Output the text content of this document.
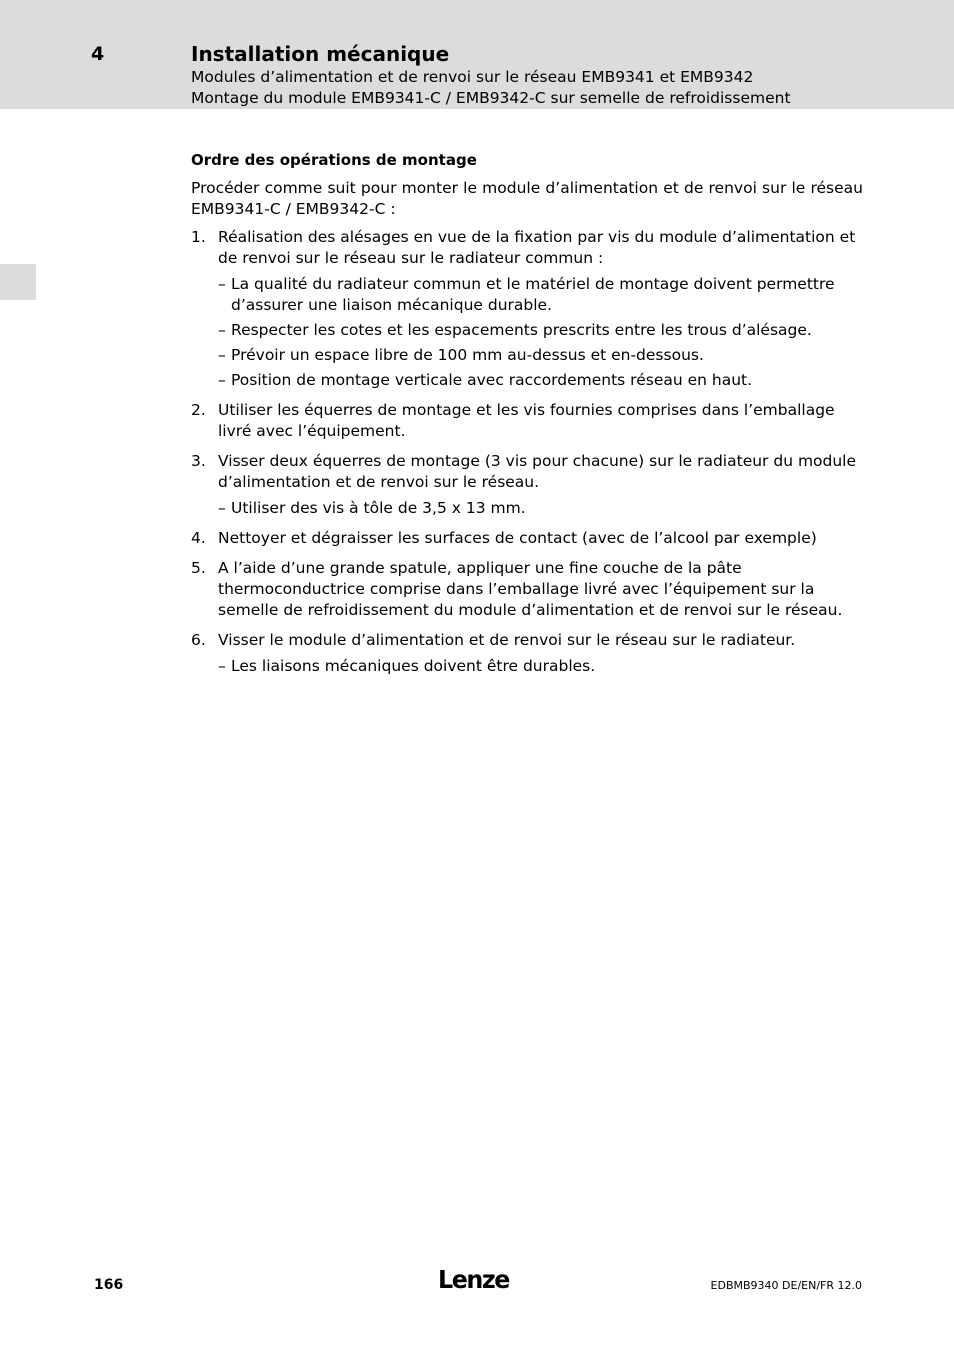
4	Installation mécanique
Modules d’alimentation et de renvoi sur le réseau EMB9341 et EMB9342
Montage du module EMB9341-C / EMB9342-C sur semelle de refroidissement
Ordre des opérations de montage

Procéder comme suit pour monter le module d’alimentation et de renvoi sur le réseau EMB9341-C / EMB9342-C :

1. Réalisation des alésages en vue de la fixation par vis du module d’alimentation et de renvoi sur le réseau sur le radiateur commun :
– La qualité du radiateur commun et le matériel de montage doivent permettre d’assurer une liaison mécanique durable.
– Respecter les cotes et les espacements prescrits entre les trous d’alésage.
– Prévoir un espace libre de 100 mm au-dessus et en-dessous.
– Position de montage verticale avec raccordements réseau en haut.
2. Utiliser les équerres de montage et les vis fournies comprises dans l’emballage livré avec l’équipement.
3. Visser deux équerres de montage (3 vis pour chacune) sur le radiateur du module d’alimentation et de renvoi sur le réseau.
– Utiliser des vis à tôle de 3,5 x 13 mm.
4. Nettoyer et dégraisser les surfaces de contact (avec de l’alcool par exemple)
5. A l’aide d’une grande spatule, appliquer une fine couche de la pâte thermoconductrice comprise dans l’emballage livré avec l’équipement sur la semelle de refroidissement du module d’alimentation et de renvoi sur le réseau.
6. Visser le module d’alimentation et de renvoi sur le réseau sur le radiateur.
– Les liaisons mécaniques doivent être durables.
166	Lenze	EDBMB9340 DE/EN/FR 12.0
